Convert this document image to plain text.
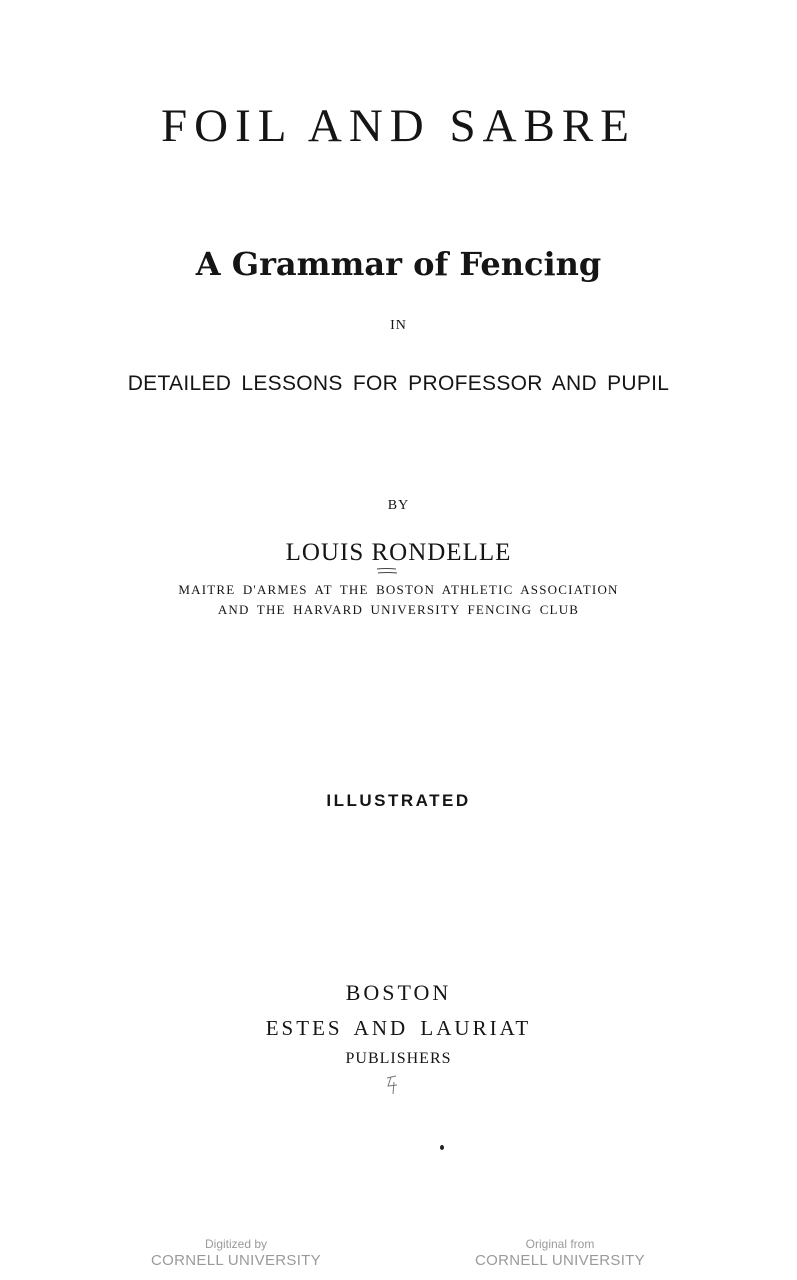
FOIL AND SABRE
A Grammar of Fencing
IN
DETAILED LESSONS FOR PROFESSOR AND PUPIL
BY
LOUIS RONDELLE
MAITRE D'ARMES AT THE BOSTON ATHLETIC ASSOCIATION
AND THE HARVARD UNIVERSITY FENCING CLUB
ILLUSTRATED
BOSTON
ESTES AND LAURIAT
PUBLISHERS
Digitized by
CORNELL UNIVERSITY
Original from
CORNELL UNIVERSITY
